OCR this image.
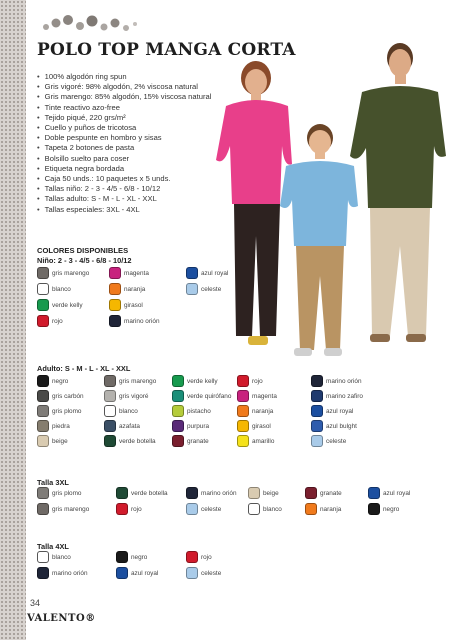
POLO TOP MANGA CORTA
• 100% algodón ring spun
• Gris vigoré: 98% algodón, 2% viscosa natural
• Gris marengo: 85% algodón, 15% viscosa natural
• Tinte reactivo azo-free
• Tejido piqué, 220 grs/m²
• Cuello y puños de tricotosa
• Doble pespunte en hombro y sisas
• Tapeta 2 botones de pasta
• Bolsillo suelto para coser
• Etiqueta negra bordada
• Caja 50 unds.: 10 paquetes x 5 unds.
• Tallas niño: 2 - 3 - 4/5 - 6/8 - 10/12
• Tallas adulto: S - M - L - XL - XXL
• Tallas especiales: 3XL - 4XL
COLORES DISPONIBLES
Niño: 2 - 3 - 4/5 - 6/8 - 10/12
gris marengo	magenta	azul royal
blanco	naranja	celeste
verde kelly	girasol
rojo	marino orión
Adulto: S - M - L - XL - XXL
negro	gris marengo	verde kelly	rojo	marino orión
gris carbón	gris vigoré	verde quirófano	magenta	marino zafiro
gris plomo	blanco	pistacho	naranja	azul royal
piedra	azafata	purpura	girasol	azul bulght
beige	verde botella	granate	amarillo	celeste
Talla 3XL
gris plomo	verde botella	marino orión	beige	granate	azul royal
gris marengo	rojo	celeste	blanco	naranja	negro
Talla 4XL
blanco	negro	rojo
marino orión	azul royal	celeste
34
VALENTO®
